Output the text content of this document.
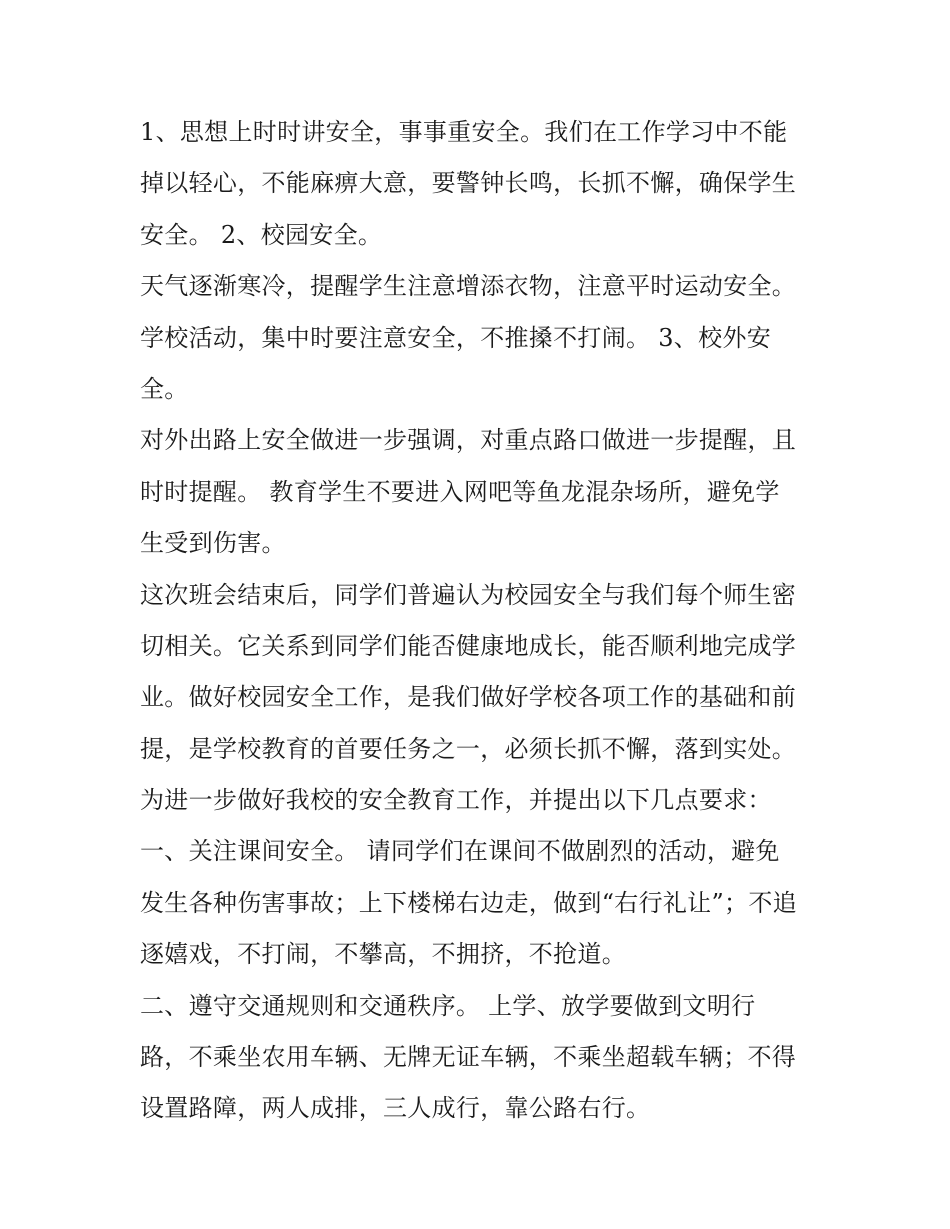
1、思想上时时讲安全，事事重安全。我们在工作学习中不能
掉以轻心，不能麻痹大意，要警钟长鸣，长抓不懈，确保学生
安全。 2、校园安全。
天气逐渐寒冷，提醒学生注意增添衣物，注意平时运动安全。
学校活动，集中时要注意安全，不推搡不打闹。 3、校外安
全。
对外出路上安全做进一步强调，对重点路口做进一步提醒，且
时时提醒。 教育学生不要进入网吧等鱼龙混杂场所，避免学
生受到伤害。
这次班会结束后，同学们普遍认为校园安全与我们每个师生密
切相关。它关系到同学们能否健康地成长，能否顺利地完成学
业。做好校园安全工作，是我们做好学校各项工作的基础和前
提，是学校教育的首要任务之一，必须长抓不懈，落到实处。
为进一步做好我校的安全教育工作，并提出以下几点要求：
一、关注课间安全。 请同学们在课间不做剧烈的活动，避免
发生各种伤害事故；上下楼梯右边走，做到“右行礼让”；不追
逐嬉戏，不打闹，不攀高，不拥挤，不抢道。
二、遵守交通规则和交通秩序。 上学、放学要做到文明行
路，不乘坐农用车辆、无牌无证车辆，不乘坐超载车辆；不得
设置路障，两人成排，三人成行，靠公路右行。
